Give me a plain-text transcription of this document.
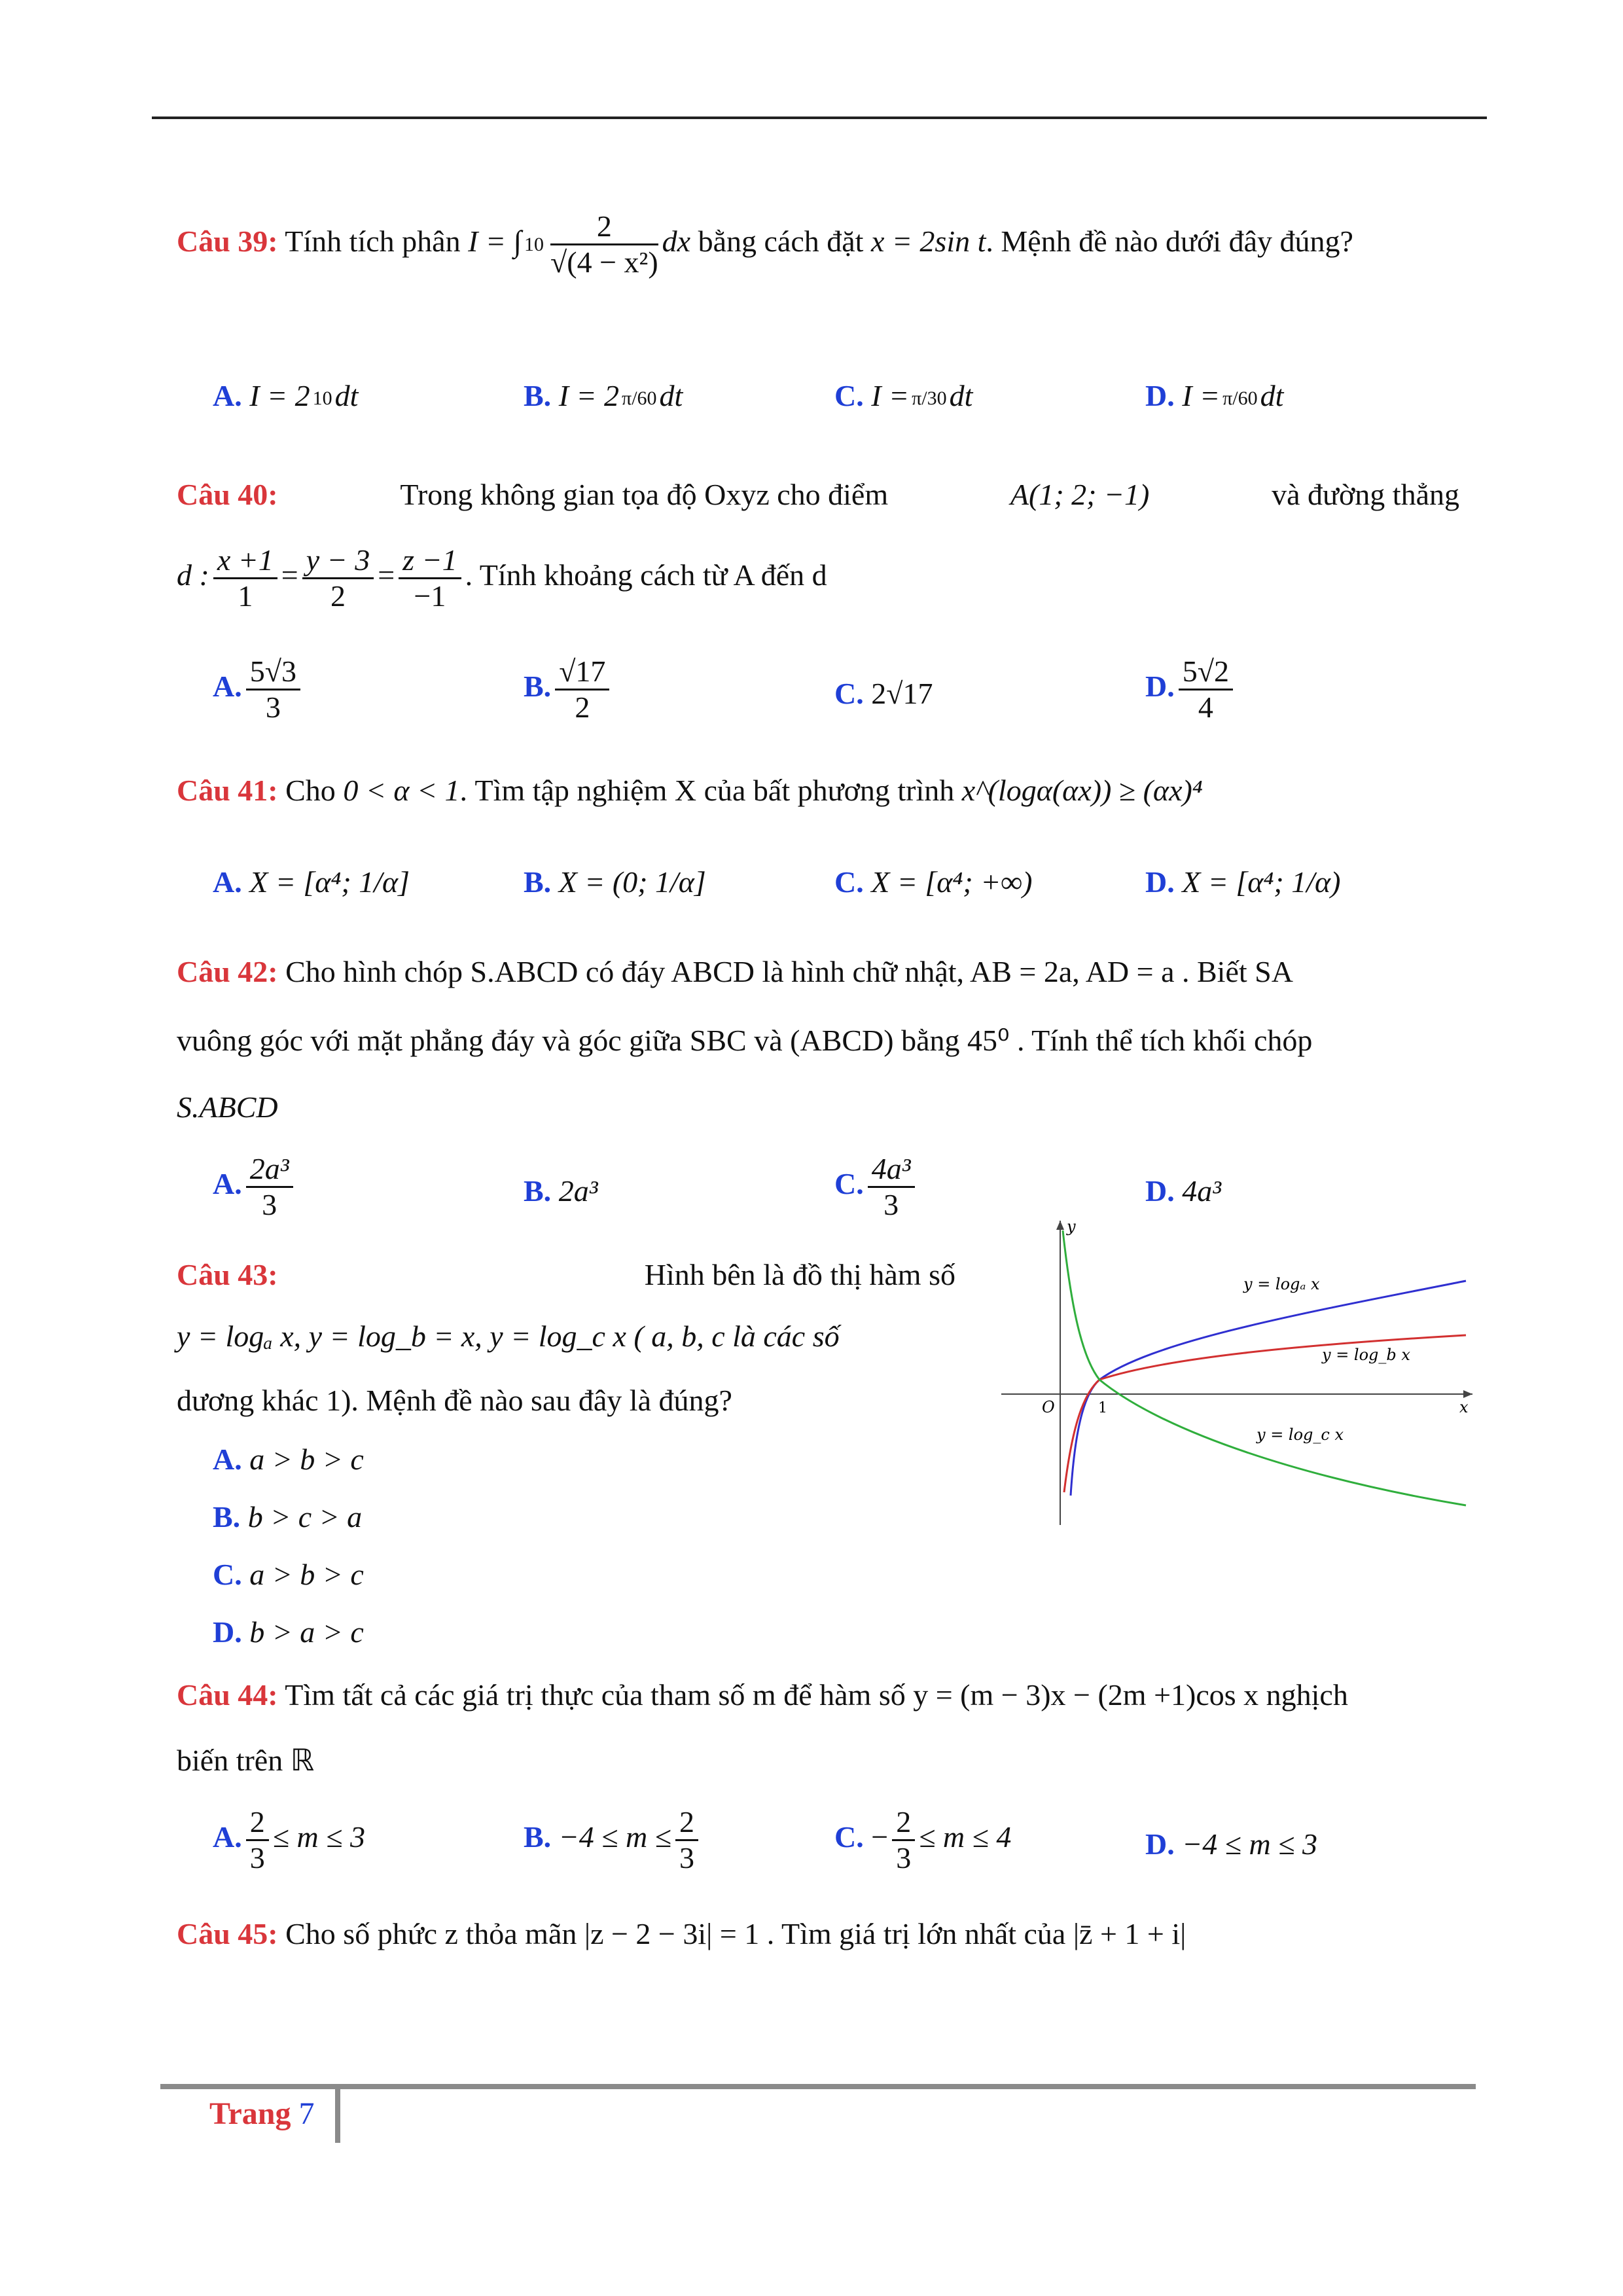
Câu 39: Tính tích phân I = ∫ $10 \frac{2}{\text{√(4 − x²)}}$ dx bằng cách đặt x = 2sin t. Mệnh đề nào dưới đây đúng?
A. I = 2 10dt	B. I = 2 π/60dt	C. I = π/30dt	D. I = π/60dt
Câu 40:	Trong không gian tọa độ Oxyz cho điểm	A(1; 2; −1)	và đường thẳng
d : $\frac{x +1}{1} = \frac{y - 3}{2} = \frac{z -1}{-1}$ . Tính khoảng cách từ A đến d
A. $\frac{5√3}{3}$	B. $\frac{√17}{2}$	C. 2√17	D. $\frac{5√2}{4}$
Câu 41: Cho 0 < α < 1. Tìm tập nghiệm X của bất phương trình x^(logα(αx)) ≥ (αx)⁴
A. X = [α⁴; 1/α]	B. X = (0; 1/α]	C. X = [α⁴; +∞)	D. X = [α⁴; 1/α)
Câu 42: Cho hình chóp S.ABCD có đáy ABCD là hình chữ nhật, AB = 2a, AD = a . Biết SA
vuông góc với mặt phẳng đáy và góc giữa SBC và (ABCD) bằng 45⁰ . Tính thể tích khối chóp
S.ABCD
A. $\frac{\text{2a³}}{3}$	B. 2a³	C. $\frac{\text{4a³}}{3}$	D. 4a³
Câu 43:	Hình bên là đồ thị hàm số
y = logₐ x, y = log_b = x, y = log_c x ( a, b, c là các số
dương khác 1). Mệnh đề nào sau đây là đúng?
A. a > b > c
B. b > c > a
C. a > b > c
D. b > a > c
y
x
O	1
y = logₐ x
y = log_b x
y = log_c x
Câu 44: Tìm tất cả các giá trị thực của tham số m để hàm số y = (m − 3)x − (2m +1)cos x nghịch
biến trên ℝ
A. $\frac{2}{3} \le m \le 3$	B. $-4 \le m \le \frac{2}{3}$	C. − $\frac{2}{3} \le m \le 4$	D. −4 ≤ m ≤ 3
Câu 45: Cho số phức z thỏa mãn |z − 2 − 3i| = 1 . Tìm giá trị lớn nhất của |z̄ + 1 + i|
Trang 7
